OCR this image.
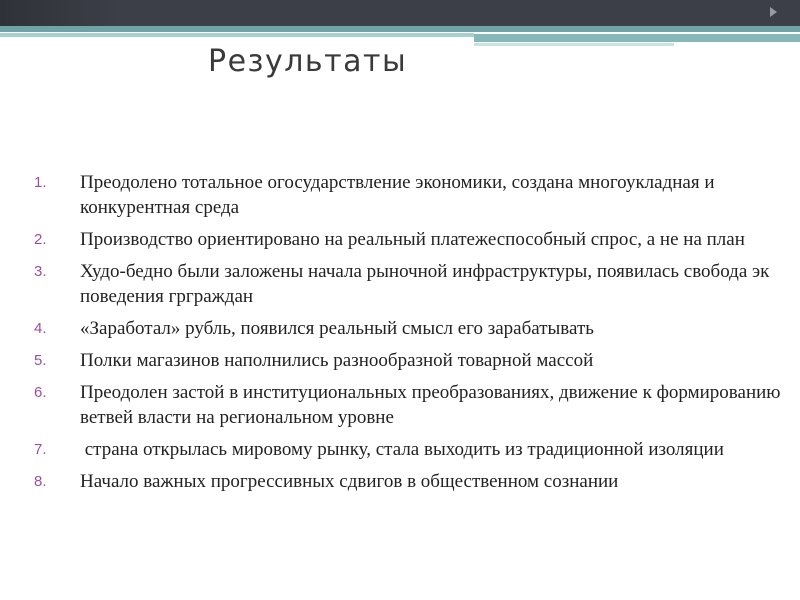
Результаты
1.	Преодолено тотальное огосударствление экономики, создана многоукладная и конкурентная среда
2.	Производство ориентировано на реальный платежеспособный спрос, а не на план
3.	Худо-бедно были заложены начала рыночной инфраструктуры, появилась свобода эк поведения грграждан
4.	«Заработал» рубль, появился реальный смысл его зарабатывать
5.	Полки магазинов наполнились разнообразной товарной массой
6.	Преодолен застой в институциональных преобразованиях, движение к формированию ветвей власти на региональном уровне
7.	страна открылась мировому рынку, стала выходить из традиционной изоляции
8.	Начало важных прогрессивных сдвигов в общественном сознании
